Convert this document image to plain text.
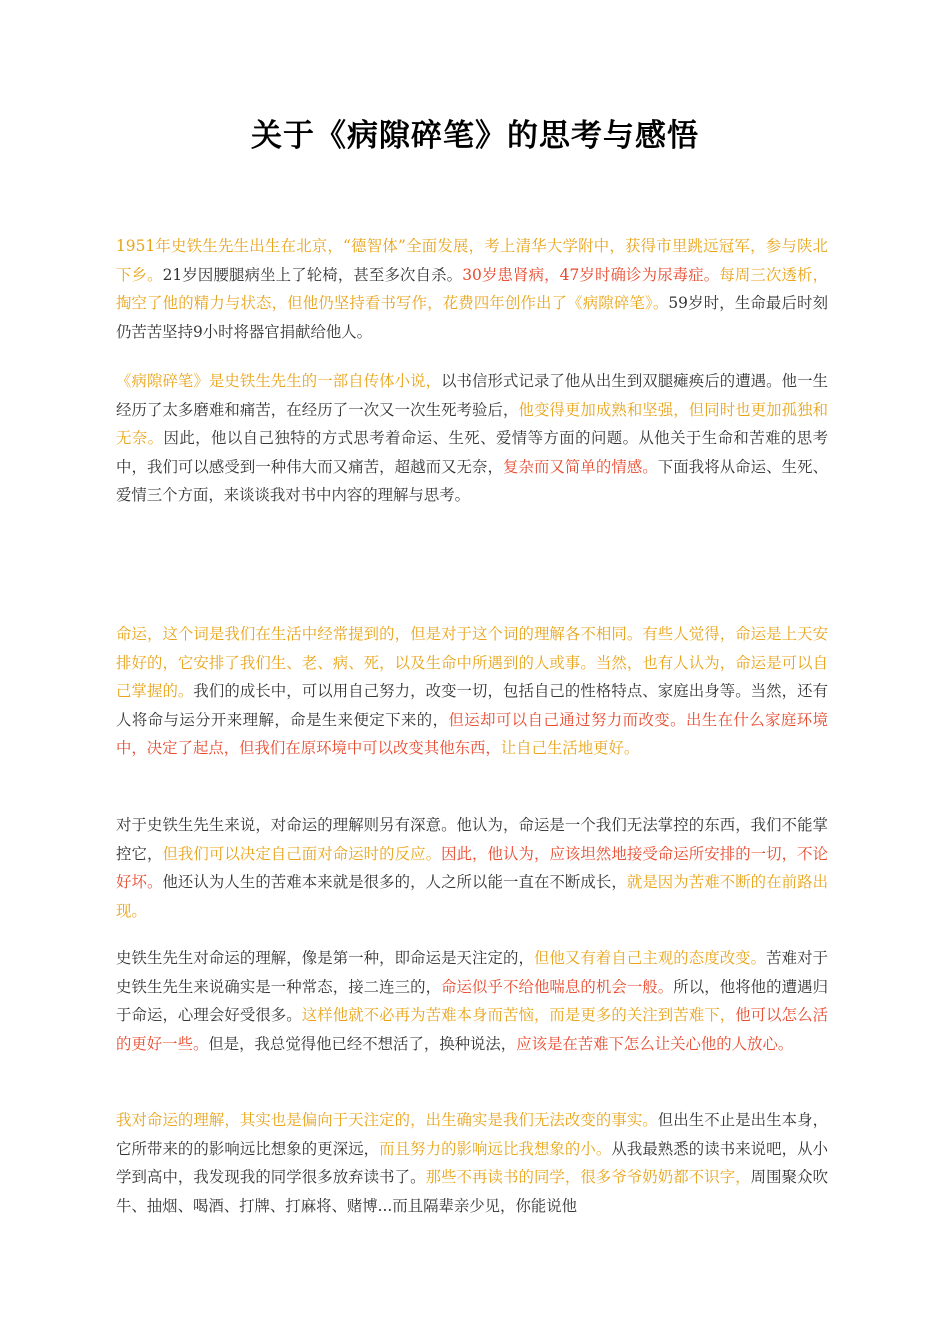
关于《病隙碎笔》的思考与感悟

1951年史铁生先生出生在北京，“德智体”全面发展，考上清华大学附中，获得市里跳远冠军，参与陕北下乡。21岁因腰腿病坐上了轮椅，甚至多次自杀。30岁患肾病，47岁时确诊为尿毒症。每周三次透析，掏空了他的精力与状态，但他仍坚持看书写作，花费四年创作出了《病隙碎笔》。59岁时，生命最后时刻仍苦苦坚持9小时将器官捐献给他人。

《病隙碎笔》是史铁生先生的一部自传体小说，以书信形式记录了他从出生到双腿瘫痪后的遭遇。他一生经历了太多磨难和痛苦，在经历了一次又一次生死考验后，他变得更加成熟和坚强，但同时也更加孤独和无奈。因此，他以自己独特的方式思考着命运、生死、爱情等方面的问题。从他关于生命和苦难的思考中，我们可以感受到一种伟大而又痛苦，超越而又无奈，复杂而又简单的情感。下面我将从命运、生死、爱情三个方面，来谈谈我对书中内容的理解与思考。

命运，这个词是我们在生活中经常提到的，但是对于这个词的理解各不相同。有些人觉得，命运是上天安排好的，它安排了我们生、老、病、死，以及生命中所遇到的人或事。当然，也有人认为，命运是可以自己掌握的。我们的成长中，可以用自己努力，改变一切，包括自己的性格特点、家庭出身等。当然，还有人将命与运分开来理解，命是生来便定下来的，但运却可以自己通过努力而改变。出生在什么家庭环境中，决定了起点，但我们在原环境中可以改变其他东西，让自己生活地更好。

对于史铁生先生来说，对命运的理解则另有深意。他认为，命运是一个我们无法掌控的东西，我们不能掌控它，但我们可以决定自己面对命运时的反应。因此，他认为，应该坦然地接受命运所安排的一切，不论好坏。他还认为人生的苦难本来就是很多的，人之所以能一直在不断成长，就是因为苦难不断的在前路出现。

史铁生先生对命运的理解，像是第一种，即命运是天注定的，但他又有着自己主观的态度改变。苦难对于史铁生先生来说确实是一种常态，接二连三的，命运似乎不给他喘息的机会一般。所以，他将他的遭遇归于命运，心理会好受很多。这样他就不必再为苦难本身而苦恼，而是更多的关注到苦难下，他可以怎么活的更好一些。但是，我总觉得他已经不想活了，换种说法，应该是在苦难下怎么让关心他的人放心。

我对命运的理解，其实也是偏向于天注定的，出生确实是我们无法改变的事实。但出生不止是出生本身，它所带来的的影响远比想象的更深远，而且努力的影响远比我想象的小。从我最熟悉的读书来说吧，从小学到高中，我发现我的同学很多放弃读书了。那些不再读书的同学，很多爷爷奶奶都不识字，周围聚众吹牛、抽烟、喝酒、打牌、打麻将、赌博...而且隔辈亲少见，你能说他
